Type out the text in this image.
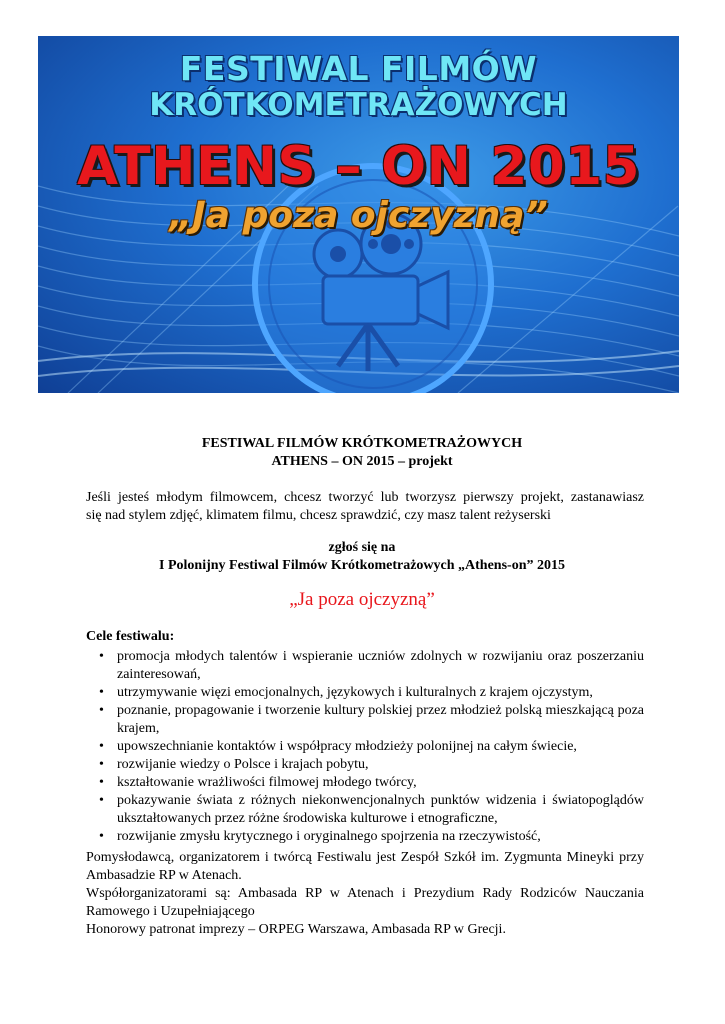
FESTIWAL FILMÓW
KRÓTKOMETRAŻOWYCH
ATHENS – ON 2015
„Ja poza ojczyzną”
FESTIWAL FILMÓW KRÓTKOMETRAŻOWYCH
ATHENS – ON 2015 – projekt
Jeśli jesteś młodym filmowcem, chcesz tworzyć lub tworzysz pierwszy projekt, zastanawiasz
się nad stylem zdjęć, klimatem filmu, chcesz sprawdzić, czy masz talent reżyserski
zgłoś się na
I Polonijny Festiwal Filmów Krótkometrażowych „Athens-on” 2015
„Ja poza ojczyzną”
Cele festiwalu:
• promocja młodych talentów i wspieranie uczniów zdolnych w rozwijaniu oraz poszerzaniu zainteresowań,
• utrzymywanie więzi emocjonalnych, językowych i kulturalnych z krajem ojczystym,
• poznanie, propagowanie i tworzenie kultury polskiej przez młodzież polską mieszkającą poza krajem,
• upowszechnianie kontaktów i współpracy młodzieży polonijnej na całym świecie,
• rozwijanie wiedzy o Polsce i krajach pobytu,
• kształtowanie wrażliwości filmowej młodego twórcy,
• pokazywanie świata z różnych niekonwencjonalnych punktów widzenia i światopoglądów ukształtowanych przez różne środowiska kulturowe i etnograficzne,
• rozwijanie zmysłu krytycznego i oryginalnego spojrzenia na rzeczywistość,
Pomysłodawcą, organizatorem i twórcą Festiwalu jest Zespół Szkół im. Zygmunta Mineyki przy Ambasadzie RP w Atenach.
Współorganizatorami są: Ambasada RP w Atenach i Prezydium Rady Rodziców Nauczania Ramowego i Uzupełniającego
Honorowy patronat imprezy – ORPEG Warszawa, Ambasada RP w Grecji.
